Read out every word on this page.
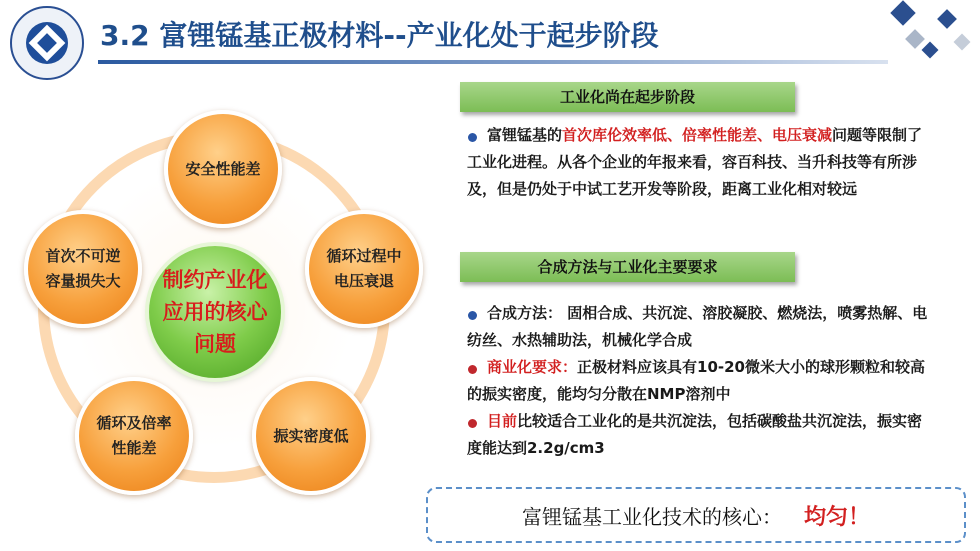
3.2 富锂锰基正极材料--产业化处于起步阶段
安全性能差
循环过程中电压衰退
振实密度低
循环及倍率性能差
首次不可逆容量损失大 制约产业化应用的核心问题
工业化尚在起步阶段
富锂锰基的首次库伦效率低、倍率性能差、电压衰减问题等限制了工业化进程。从各个企业的年报来看，容百科技、当升科技等有所涉及，但是仍处于中试工艺开发等阶段，距离工业化相对较远
合成方法与工业化主要要求
合成方法： 固相合成、共沉淀、溶胶凝胶、燃烧法，喷雾热解、电纺丝、水热辅助法，机械化学合成
商业化要求：正极材料应该具有10-20微米大小的球形颗粒和较高的振实密度，能均匀分散在NMP溶剂中
目前比较适合工业化的是共沉淀法，包括碳酸盐共沉淀法，振实密度能达到2.2g/cm3
富锂锰基工业化技术的核心： 均匀！
